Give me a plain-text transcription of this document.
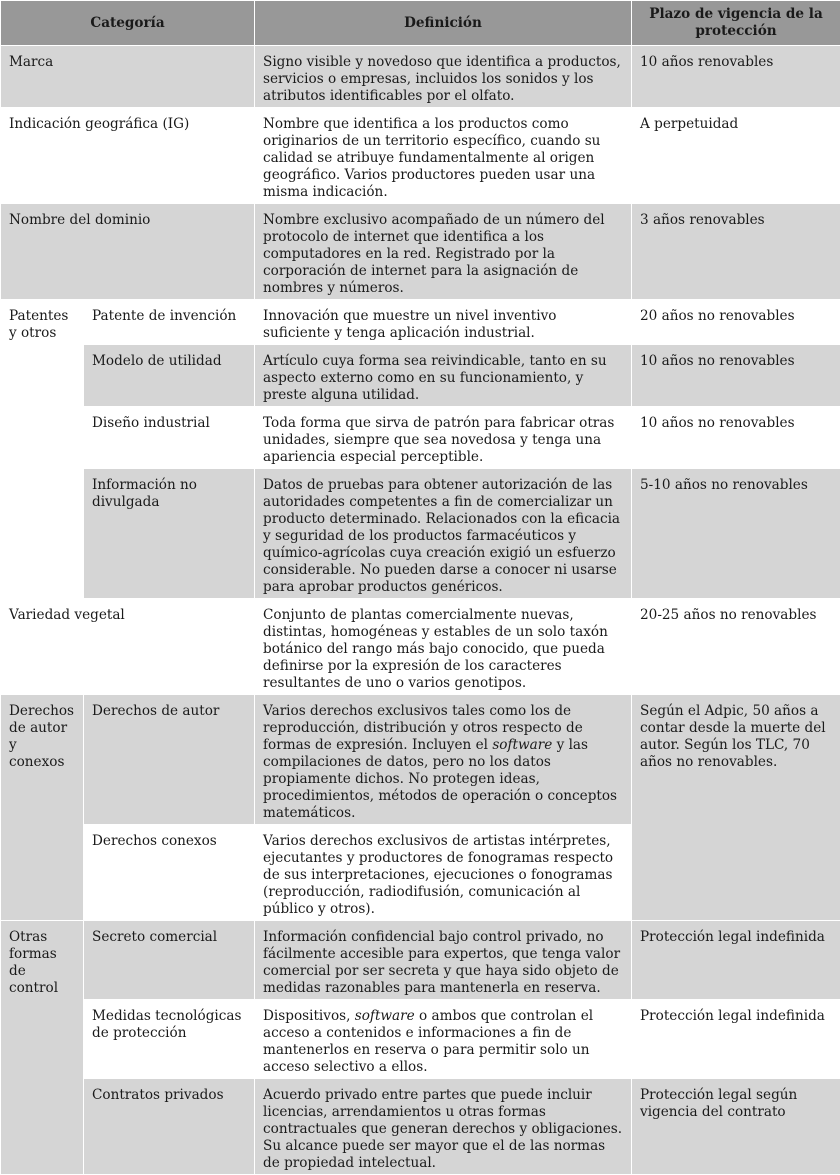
Categoría		Definición	Plazo de vigencia de la protección
Marca		Signo visible y novedoso que identifica a productos, servicios o empresas, incluidos los sonidos y los atributos identificables por el olfato.	10 años renovables
Indicación geográfica (IG)		Nombre que identifica a los productos como originarios de un territorio específico, cuando su calidad se atribuye fundamentalmente al origen geográfico. Varios productores pueden usar una misma indicación.	A perpetuidad
Nombre del dominio		Nombre exclusivo acompañado de un número del protocolo de internet que identifica a los computadores en la red. Registrado por la corporación de internet para la asignación de nombres y números.	3 años renovables
Patentes y otros	Patente de invención	Innovación que muestre un nivel inventivo suficiente y tenga aplicación industrial.	20 años no renovables
	Modelo de utilidad	Artículo cuya forma sea reivindicable, tanto en su aspecto externo como en su funcionamiento, y preste alguna utilidad.	10 años no renovables
	Diseño industrial	Toda forma que sirva de patrón para fabricar otras unidades, siempre que sea novedosa y tenga una apariencia especial perceptible.	10 años no renovables
	Información no divulgada	Datos de pruebas para obtener autorización de las autoridades competentes a fin de comercializar un producto determinado. Relacionados con la eficacia y seguridad de los productos farmacéuticos y químico-agrícolas cuya creación exigió un esfuerzo considerable. No pueden darse a conocer ni usarse para aprobar productos genéricos.	5-10 años no renovables
Variedad vegetal		Conjunto de plantas comercialmente nuevas, distintas, homogéneas y estables de un solo taxón botánico del rango más bajo conocido, que pueda definirse por la expresión de los caracteres resultantes de uno o varios genotipos.	20-25 años no renovables
Derechos de autor y conexos	Derechos de autor	Varios derechos exclusivos tales como los de reproducción, distribución y otros respecto de formas de expresión. Incluyen el software y las compilaciones de datos, pero no los datos propiamente dichos. No protegen ideas, procedimientos, métodos de operación o conceptos matemáticos.	Según el Adpic, 50 años a contar desde la muerte del autor. Según los TLC, 70 años no renovables.
	Derechos conexos	Varios derechos exclusivos de artistas intérpretes, ejecutantes y productores de fonogramas respecto de sus interpretaciones, ejecuciones o fonogramas (reproducción, radiodifusión, comunicación al público y otros).	
Otras formas de control	Secreto comercial	Información confidencial bajo control privado, no fácilmente accesible para expertos, que tenga valor comercial por ser secreta y que haya sido objeto de medidas razonables para mantenerla en reserva.	Protección legal indefinida
	Medidas tecnológicas de protección	Dispositivos, software o ambos que controlan el acceso a contenidos e informaciones a fin de mantenerlos en reserva o para permitir solo un acceso selectivo a ellos.	Protección legal indefinida
	Contratos privados	Acuerdo privado entre partes que puede incluir licencias, arrendamientos u otras formas contractuales que generan derechos y obligaciones. Su alcance puede ser mayor que el de las normas de propiedad intelectual.	Protección legal según vigencia del contrato
